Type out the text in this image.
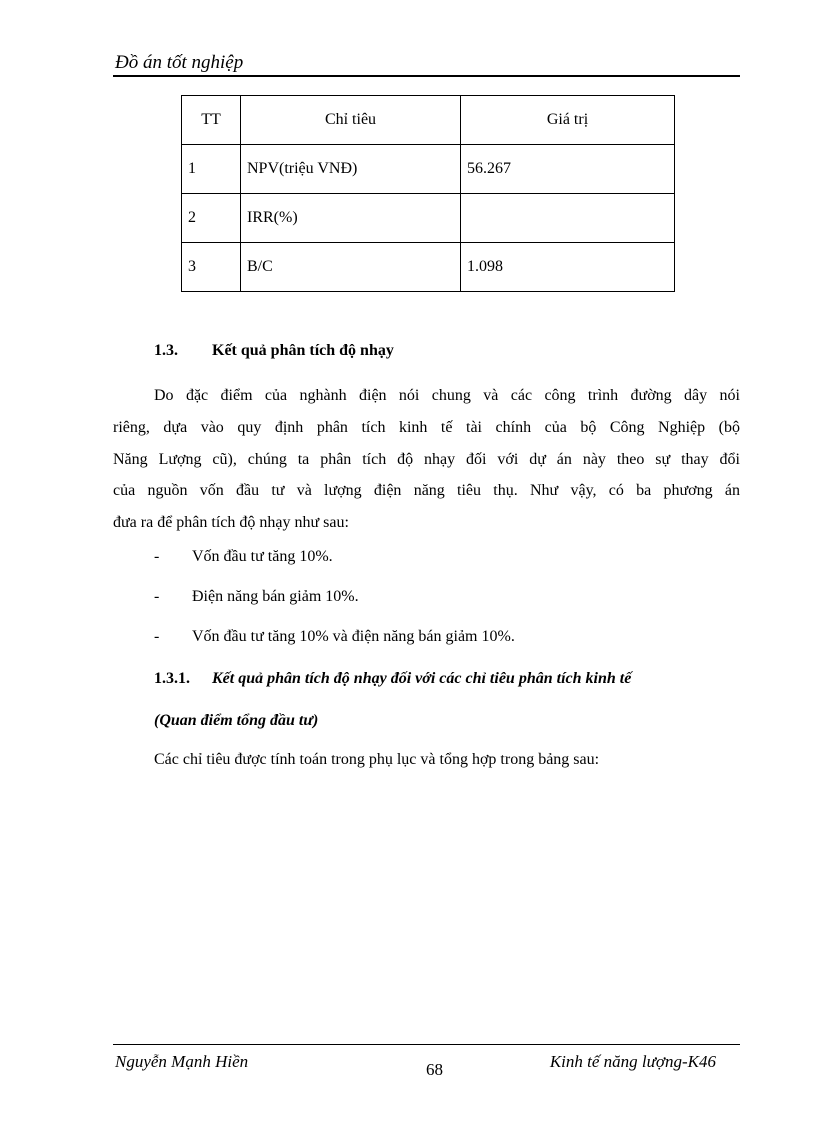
Đồ án tốt nghiệp
TT	Chỉ tiêu	Giá trị
1	NPV(triệu VNĐ)	56.267
2	IRR(%)	
3	B/C	1.098
1.3. Kết quả phân tích độ nhạy
Do đặc điểm của nghành điện nói chung và các công trình đường dây nói
riêng, dựa vào quy định phân tích kinh tế tài chính của bộ Công Nghiệp (bộ
Năng Lượng cũ), chúng ta phân tích độ nhạy đối với dự án này theo sự thay đổi
của nguồn vốn đầu tư và lượng điện năng tiêu thụ. Như vậy, có ba phương án
đưa ra để phân tích độ nhạy như sau:
-	Vốn đầu tư tăng 10%.
-	Điện năng bán giảm 10%.
-	Vốn đầu tư tăng 10% và điện năng bán giảm 10%.
1.3.1. Kết quả phân tích độ nhạy đối với các chỉ tiêu phân tích kinh tế
(Quan điểm tổng đầu tư)
Các chỉ tiêu được tính toán trong phụ lục và tổng hợp trong bảng sau:
Nguyễn Mạnh Hiền	68	Kinh tế năng lượng-K46
